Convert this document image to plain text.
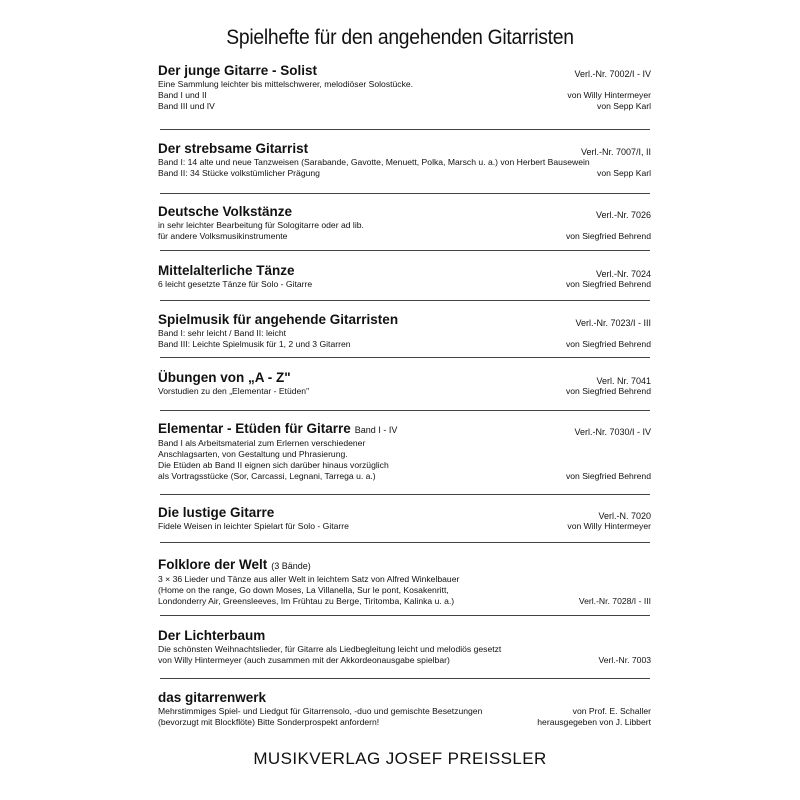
Spielhefte für den angehenden Gitarristen
Der junge Gitarre - Solist	Verl.-Nr. 7002/I - IV
Eine Sammlung leichter bis mittelschwerer, melodiöser Solostücke.
Band I und II	von Willy Hintermeyer
Band III und IV	von Sepp Karl
Der strebsame Gitarrist	Verl.-Nr. 7007/I, II
Band I: 14 alte und neue Tanzweisen (Sarabande, Gavotte, Menuett, Polka, Marsch u. a.) von Herbert Bausewein
Band II: 34 Stücke volkstümlicher Prägung	von Sepp Karl
Deutsche Volkstänze	Verl.-Nr. 7026
in sehr leichter Bearbeitung für Sologitarre oder ad lib.
für andere Volksmusikinstrumente	von Siegfried Behrend
Mittelalterliche Tänze	Verl.-Nr. 7024
6 leicht gesetzte Tänze für Solo - Gitarre	von Siegfried Behrend
Spielmusik für angehende Gitarristen	Verl.-Nr. 7023/I - III
Band I: sehr leicht / Band II: leicht
Band III: Leichte Spielmusik für 1, 2 und 3 Gitarren	von Siegfried Behrend
Übungen von „A - Z"	Verl. Nr. 7041
Vorstudien zu den „Elementar - Etüden"	von Siegfried Behrend
Elementar - Etüden für Gitarre Band I - IV	Verl.-Nr. 7030/I - IV
Band I als Arbeitsmaterial zum Erlernen verschiedener
Anschlagsarten, von Gestaltung und Phrasierung.
Die Etüden ab Band II eignen sich darüber hinaus vorzüglich
als Vortragsstücke (Sor, Carcassi, Legnani, Tarrega u. a.)	von Siegfried Behrend
Die lustige Gitarre	Verl.-N. 7020
Fidele Weisen in leichter Spielart für Solo - Gitarre	von Willy Hintermeyer
Folklore der Welt (3 Bände)
3 × 36 Lieder und Tänze aus aller Welt in leichtem Satz von Alfred Winkelbauer
(Home on the range, Go down Moses, La Villanella, Sur le pont, Kosakenritt,
Londonderry Air, Greensleeves, Im Frühtau zu Berge, Tiritomba, Kalinka u. a.)	Verl.-Nr. 7028/I - III
Der Lichterbaum
Die schönsten Weihnachtslieder, für Gitarre als Liedbegleitung leicht und melodiös gesetzt
von Willy Hintermeyer (auch zusammen mit der Akkordeonausgabe spielbar)	Verl.-Nr. 7003
das gitarrenwerk
Mehrstimmiges Spiel- und Liedgut für Gitarrensolo, -duo und gemischte Besetzungen	von Prof. E. Schaller
(bevorzugt mit Blockflöte) Bitte Sonderprospekt anfordern!	herausgegeben von J. Libbert
MUSIKVERLAG JOSEF PREISSLER
